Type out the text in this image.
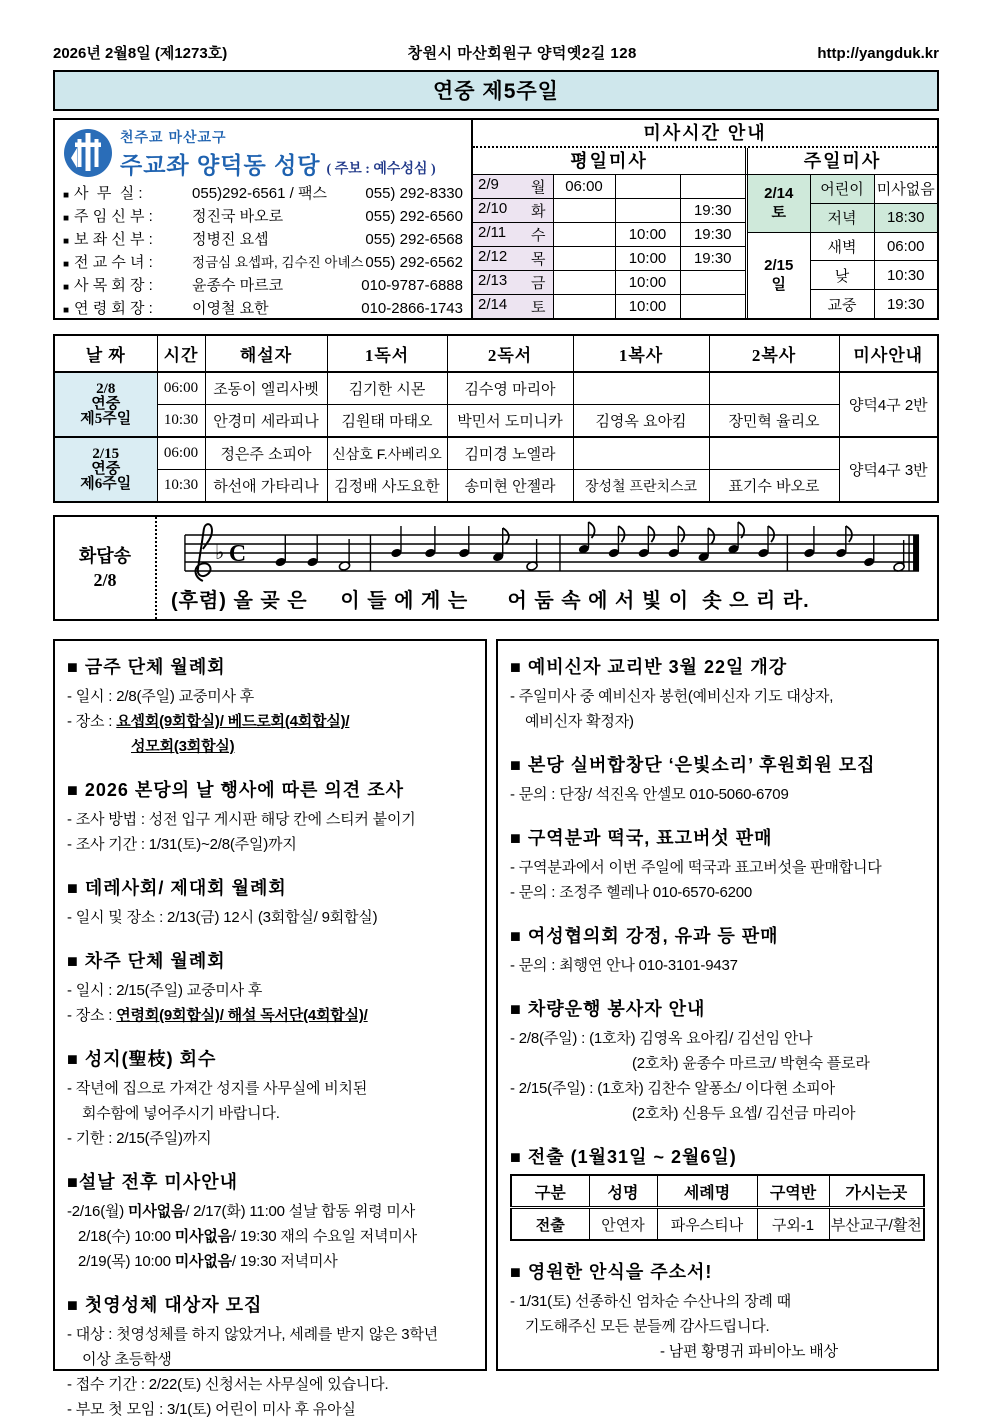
2026년 2월8일 (제1273호)	창원시 마산회원구 양덕옛2길 128	http://yangduk.kr
연중 제5주일
천주교 마산교구
주교좌 양덕동 성당 ( 주보 : 예수성심 )
■ 사  무  실 :	055)292-6561 / 팩스	055) 292-8330
■ 주 임 신 부 :	정진국 바오로	055) 292-6560
■ 보 좌 신 부 :	정병진 요셉	055) 292-6568
■ 전 교 수 녀 :	정금심 요셉파, 김수진 아녜스 055) 292-6562
■ 사 목 회 장 :	윤종수 마르코	010-9787-6888
■ 연 령 회 장 :	이영철 요한	010-2866-1743
미사시간 안내
평일미사	주일미사
2/9 월	06:00		

2/10 화			19:30

2/11 수		10:00	19:30

2/12 목		10:00	19:30

2/13 금		10:00	

2/14 토		10:00	
2/14
토	어린이	미사없음
	저녁	18:30

2/15
일	새벽	06:00
	낮	10:30
	교중	19:30
날 짜	시간	해설자	1독서	2독서	1복사	2복사	미사안내

2/8
연중
제5주일	06:00	조동이 엘리사벳	김기한 시몬	김수영 마리아			양덕4구 2반
	10:30	안경미 세라피나	김원태 마태오	박민서 도미니카	김영옥 요아킴	장민혁 율리오	

2/15
연중
제6주일	06:00	정은주 소피아	신삼호 F.사베리오	김미경 노엘라			양덕4구 3반
	10:30	하선애 가타리나	김정배 사도요한	송미현 안젤라	장성철 프란치스코	표기수 바오로	
화답송
2/8
♭ C
(후렴) 올 곶 은     이 들 에 게 는      어 둠 속 에 서 빛 이  솟 으 리 라.
■ 금주 단체 월례회
- 일시 : 2/8(주일) 교중미사 후
- 장소 : 요셉회(9회합실)/ 베드로회(4회합실)/
성모회(3회합실)
■ 2026 본당의 날 행사에 따른 의견 조사
- 조사 방법 : 성전 입구 게시판 해당 칸에 스티커 붙이기
- 조사 기간 : 1/31(토)~2/8(주일)까지
■ 데레사회/ 제대회 월례회
- 일시 및 장소 : 2/13(금) 12시 (3회합실/ 9회합실)
■ 차주 단체 월례회
- 일시 : 2/15(주일) 교중미사 후
- 장소 : 연령회(9회합실)/ 해설 독서단(4회합실)/
■ 성지(聖枝) 회수
- 작년에 집으로 가져간 성지를 사무실에 비치된
회수함에 넣어주시기 바랍니다.
- 기한 : 2/15(주일)까지
■설날 전후 미사안내
-2/16(월) 미사없음/ 2/17(화) 11:00 설날 합동 위령 미사
2/18(수) 10:00 미사없음/ 19:30 재의 수요일 저녁미사
2/19(목) 10:00 미사없음/ 19:30 저녁미사
■ 첫영성체 대상자 모집
- 대상 : 첫영성체를 하지 않았거나, 세례를 받지 않은 3학년
이상 초등학생
- 접수 기간 : 2/22(토) 신청서는 사무실에 있습니다.
- 부모 첫 모임 : 3/1(토) 어린이 미사 후 유아실
■ 예비신자 교리반 3월 22일 개강
- 주일미사 중 예비신자 봉헌(예비신자 기도 대상자,
예비신자 확정자)
■ 본당 실버합창단 ‘은빛소리’ 후원회원 모집
- 문의 : 단장/ 석진옥 안셀모 010-5060-6709
■ 구역분과 떡국, 표고버섯 판매
- 구역분과에서 이번 주일에 떡국과 표고버섯을 판매합니다
- 문의 : 조정주 헬레나 010-6570-6200
■ 여성협의회 강정, 유과 등 판매
- 문의 : 최행연 안나 010-3101-9437
■ 차량운행 봉사자 안내
- 2/8(주일) : (1호차) 김영옥 요아킴/ 김선임 안나
(2호차) 윤종수 마르코/ 박현숙 플로라
- 2/15(주일) : (1호차) 김찬수 알퐁소/ 이다현 소피아
(2호차) 신용두 요셉/ 김선금 마리아
■ 전출 (1월31일 ~ 2월6일)
구분	성명	세례명	구역반	가시는곳
전출	안연자	파우스티나	구외-1	부산교구/활천
■ 영원한 안식을 주소서!
- 1/31(토) 선종하신 엄차순 수산나의 장례 때
기도해주신 모든 분들께 감사드립니다.
- 남편 황명귀 파비아노 배상
